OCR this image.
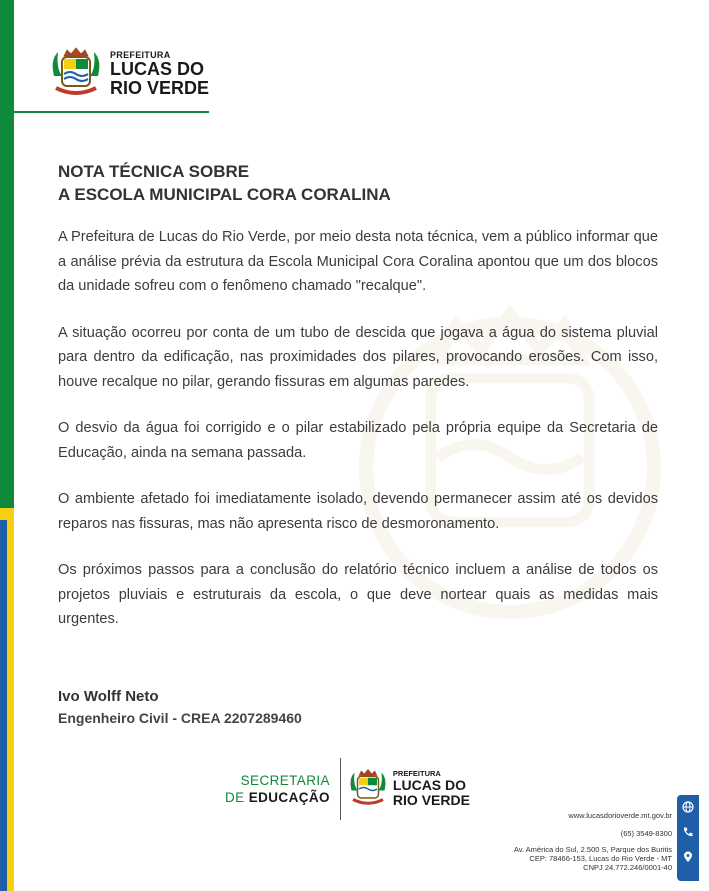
PREFEITURA
LUCAS DO
RIO VERDE
NOTA TÉCNICA SOBRE
A ESCOLA MUNICIPAL CORA CORALINA

A Prefeitura de Lucas do Rio Verde, por meio desta nota técnica, vem a público informar que a análise prévia da estrutura da Escola Municipal Cora Coralina apontou que um dos blocos da unidade sofreu com o fenômeno chamado "recalque".

A situação ocorreu por conta de um tubo de descida que jogava a água do sistema pluvial para dentro da edificação, nas proximidades dos pilares, provocando erosões. Com isso, houve recalque no pilar, gerando fissuras em algumas paredes.

O desvio da água foi corrigido e o pilar estabilizado pela própria equipe da Secretaria de Educação, ainda na semana passada.

O ambiente afetado foi imediatamente isolado, devendo permanecer assim até os devidos reparos nas fissuras, mas não apresenta risco de desmoronamento.

Os próximos passos para a conclusão do relatório técnico incluem a análise de todos os projetos pluviais e estruturais da escola, o que deve nortear quais as medidas mais urgentes.

Ivo Wolff Neto
Engenheiro Civil - CREA 2207289460
SECRETARIA
DE EDUCAÇÃO
PREFEITURA
LUCAS DO
RIO VERDE
www.lucasdorioverde.mt.gov.br
(65) 3549-8300
Av. América do Sul, 2.500 S, Parque dos Buritis
CEP: 78466-153, Lucas do Rio Verde - MT
CNPJ 24.772.246/0001-40
